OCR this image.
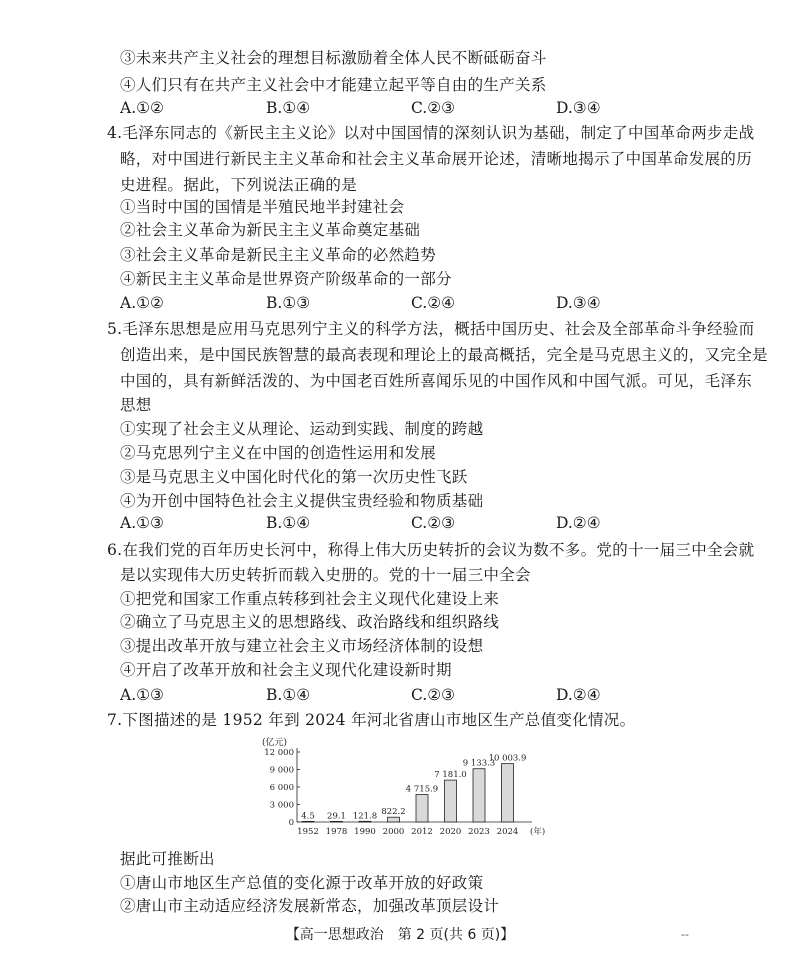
③未来共产主义社会的理想目标激励着全体人民不断砥砺奋斗
④人们只有在共产主义社会中才能建立起平等自由的生产关系
A.①②	B.①④	C.②③	D.③④
4.毛泽东同志的《新民主主义论》以对中国国情的深刻认识为基础，制定了中国革命两步走战
略，对中国进行新民主主义革命和社会主义革命展开论述，清晰地揭示了中国革命发展的历
史进程。据此，下列说法正确的是
①当时中国的国情是半殖民地半封建社会
②社会主义革命为新民主主义革命奠定基础
③社会主义革命是新民主主义革命的必然趋势
④新民主主义革命是世界资产阶级革命的一部分
A.①②	B.①③	C.②④	D.③④
5.毛泽东思想是应用马克思列宁主义的科学方法，概括中国历史、社会及全部革命斗争经验而
创造出来，是中国民族智慧的最高表现和理论上的最高概括，完全是马克思主义的，又完全是
中国的，具有新鲜活泼的、为中国老百姓所喜闻乐见的中国作风和中国气派。可见，毛泽东
思想
①实现了社会主义从理论、运动到实践、制度的跨越
②马克思列宁主义在中国的创造性运用和发展
③是马克思主义中国化时代化的第一次历史性飞跃
④为开创中国特色社会主义提供宝贵经验和物质基础
A.①③	B.①④	C.②③	D.②④
6.在我们党的百年历史长河中，称得上伟大历史转折的会议为数不多。党的十一届三中全会就
是以实现伟大历史转折而载入史册的。党的十一届三中全会
①把党和国家工作重点转移到社会主义现代化建设上来
②确立了马克思主义的思想路线、政治路线和组织路线
③提出改革开放与建立社会主义市场经济体制的设想
④开启了改革开放和社会主义现代化建设新时期
A.①③	B.①④	C.②③	D.②④
7.下图描述的是 1952 年到 2024 年河北省唐山市地区生产总值变化情况。
(亿元)
0
3 000
6 000
9 000
12 000
4.5
1952
29.1
1978
121.8
1990
822.2
2000
4 715.9
2012
7 181.0
2020
9 133.3
2023
10 003.9
2024 (年)
据此可推断出
①唐山市地区生产总值的变化源于改革开放的好政策
②唐山市主动适应经济发展新常态，加强改革顶层设计
【高一思想政治　第 2 页(共 6 页)】	--
